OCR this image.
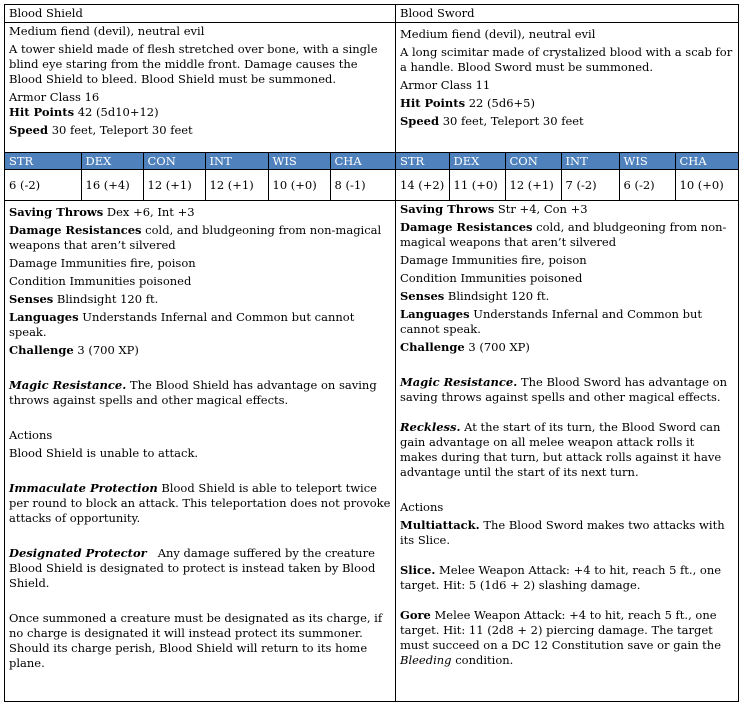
Blood Shield	Blood Sword

Medium fiend (devil), neutral evil

A tower shield made of flesh stretched over bone, with a single blind eye staring from the middle front. Damage causes the Blood Shield to bleed. Blood Shield must be summoned.

Armor Class 16

Hit Points 42 (5d10+12)

Speed 30 feet, Teleport 30 feet

Medium fiend (devil), neutral evil

A long scimitar made of crystalized blood with a scab for a handle. Blood Sword must be summoned.

Armor Class 11

Hit Points 22 (5d6+5)

Speed 30 feet, Teleport 30 feet

STR	DEX	CON	INT	WIS	CHA
6 (-2)	16 (+4)	12 (+1)	12 (+1)	10 (+0)	8 (-1)

STR	DEX	CON	INT	WIS	CHA
14 (+2)	11 (+0)	12 (+1)	7 (-2)	6 (-2)	10 (+0)

Saving Throws Dex +6, Int +3

Damage Resistances cold, and bludgeoning from non-magical weapons that aren’t silvered

Damage Immunities fire, poison

Condition Immunities poisoned

Senses Blindsight 120 ft.

Languages Understands Infernal and Common but cannot speak.

Challenge 3 (700 XP)

Magic Resistance. The Blood Shield has advantage on saving throws against spells and other magical effects.

Actions

Blood Shield is unable to attack.

Immaculate Protection Blood Shield is able to teleport twice per round to block an attack. This teleportation does not provoke attacks of opportunity.

Designated Protector Any damage suffered by the creature Blood Shield is designated to protect is instead taken by Blood Shield.

Once summoned a creature must be designated as its charge, if no charge is designated it will instead protect its summoner. Should its charge perish, Blood Shield will return to its home plane.

Saving Throws Str +4, Con +3

Damage Resistances cold, and bludgeoning from non-magical weapons that aren’t silvered

Damage Immunities fire, poison

Condition Immunities poisoned

Senses Blindsight 120 ft.

Languages Understands Infernal and Common but cannot speak.

Challenge 3 (700 XP)

Magic Resistance. The Blood Sword has advantage on saving throws against spells and other magical effects.

Reckless. At the start of its turn, the Blood Sword can gain advantage on all melee weapon attack rolls it makes during that turn, but attack rolls against it have advantage until the start of its next turn.

Actions

Multiattack. The Blood Sword makes two attacks with its Slice.

Slice. Melee Weapon Attack: +4 to hit, reach 5 ft., one target. Hit: 5 (1d6 + 2) slashing damage.

Gore Melee Weapon Attack: +4 to hit, reach 5 ft., one target. Hit: 11 (2d8 + 2) piercing damage. The target must succeed on a DC 12 Constitution save or gain the Bleeding condition.
